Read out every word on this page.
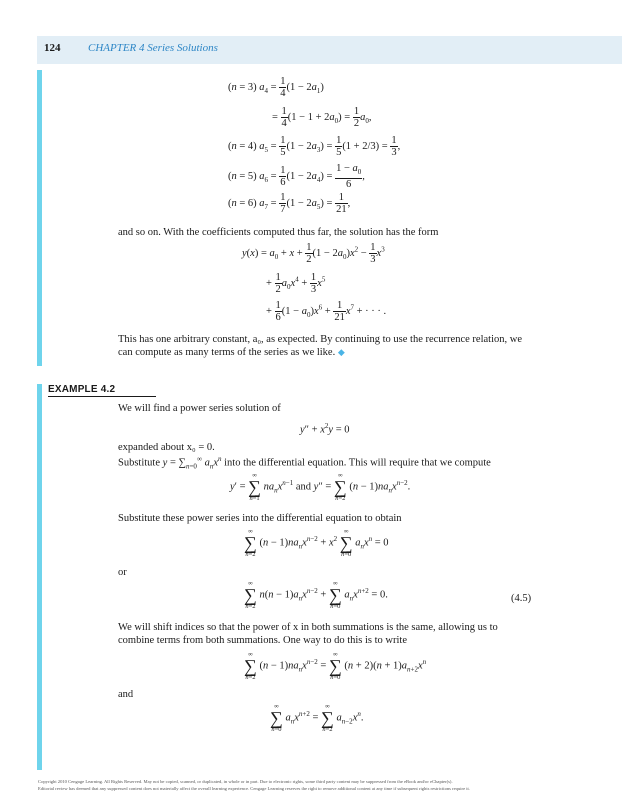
124	CHAPTER 4 Series Solutions
(n = 3) $a_4 = \frac{1}{4} (1 - 2a_1)$
= $\frac{1}{4} (1 - 1 + 2a_0) = \frac{1}{2} a_0$,
(n = 4) $a_5 = \frac{1}{5} (1 - 2a_3) = \frac{1}{5} (1 + 2/3) = \frac{1}{3}$ ,
(n = 5) $a_6 = \frac{1}{6} (1 - 2a_4) = \frac{1 - a_0}{6}$ ,
(n = 6) $a_7 = \frac{1}{7} (1 - 2a_5) = \frac{1}{21}$ ,
and so on. With the coefficients computed thus far, the solution has the form
$y(x) = a_0 + x + \frac{1}{2} (1 - 2a_0)x^2 - \frac{1}{3} x^3$
+ $\frac{1}{2} a_0x^4 + \frac{1}{3} x^5$
+ $\frac{1}{6} (1 - a_0)x^6 + \frac{1}{21} x^7$ + · · · .
This has one arbitrary constant, a₀, as expected. By continuing to use the recurrence relation, we
can compute as many terms of the series as we like. ◆
EXAMPLE 4.2
We will find a power series solution of
$y'' + x^2y = 0$
expanded about x₀ = 0.
Substitute $y = \sum_{n=0}^\infty$ $a_nx^n$ into the differential equation. This will require that we compute
y′ =
∞
∑
n=1
$na_nx^{n-1}$ and y″ =
∞
∑
n=2
$(n - 1)na_nx^{n-2}$.
Substitute these power series into the differential equation to obtain
∞
∑
n=2
$(n - 1)na_nx^{n-2} + x^2$
∞
∑
n=0
$a_nx^n = 0$
or
∞
∑
n=2
$n(n - 1)a_nx^{n-2}$ +
∞
∑
n=0
$a_nx^{n+2} = 0$.	(4.5)
We will shift indices so that the power of x in both summations is the same, allowing us to
combine terms from both summations. One way to do this is to write
∞
∑
n=2
$(n - 1)na_nx^{n-2}$ =
∞
∑
n=0
$(n + 2)(n + 1)a_{n+2}x^n$
and
∞
∑
n=0
$a_nx^{n+2}$ =
∞
∑
n=2
$a_{n-2}x^n$.
Copyright 2010 Cengage Learning. All Rights Reserved. May not be copied, scanned, or duplicated, in whole or in part. Due to electronic rights, some third party content may be suppressed from the eBook and/or eChapter(s).
Editorial review has deemed that any suppressed content does not materially affect the overall learning experience. Cengage Learning reserves the right to remove additional content at any time if subsequent rights restrictions require it.
